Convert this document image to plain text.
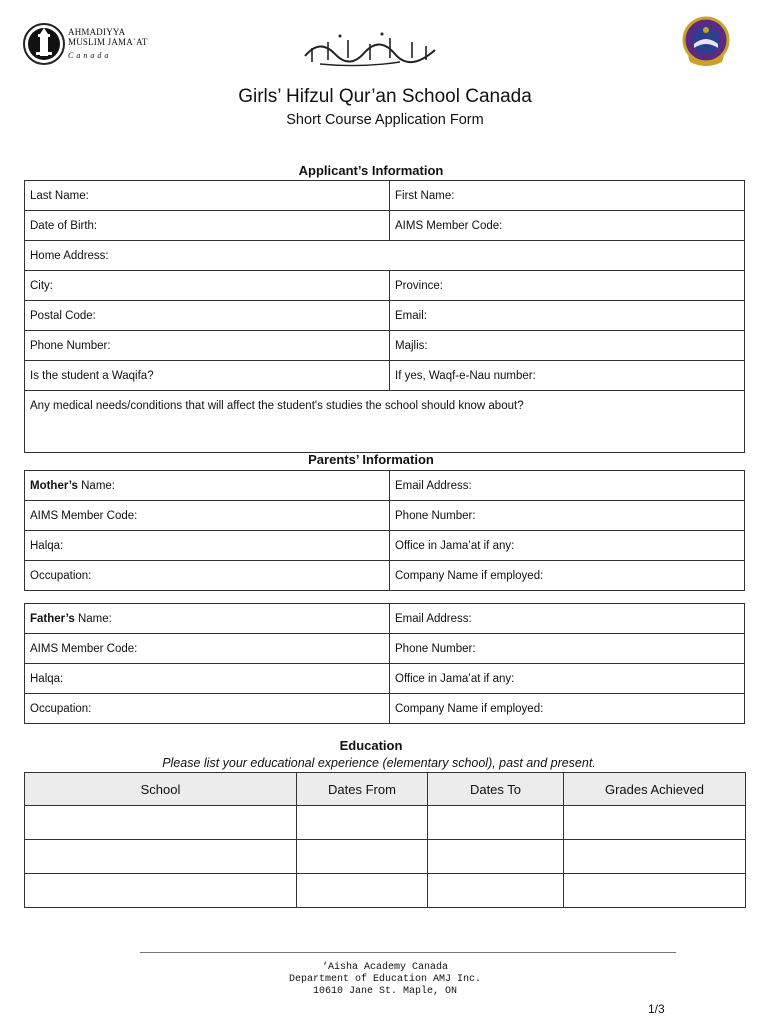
AHMADIYYA
MUSLIM JAMA`AT
Canada
Girls’ Hifzul Qur’an School Canada
Short Course Application Form
Applicant’s Information
Last Name:	First Name:
Date of Birth:	AIMS Member Code:
Home Address:	
City:	Province:
Postal Code:	Email:
Phone Number:	Majlis:
Is the student a Waqifa?	If yes, Waqf-e-Nau number:
Any medical needs/conditions that will affect the student's studies the school should know about?	
Parents’ Information
Mother’s Name:	Email Address:
AIMS Member Code:	Phone Number:
Halqa:	Office in Jama’at if any:
Occupation:	Company Name if employed:
Father’s Name:	Email Address:
AIMS Member Code:	Phone Number:
Halqa:	Office in Jama’at if any:
Occupation:	Company Name if employed:
Education
Please list your educational experience (elementary school), past and present.
School	Dates From	Dates To	Grades Achieved

‘Aisha Academy Canada
Department of Education AMJ Inc.
10610 Jane St. Maple, ON
1/3
